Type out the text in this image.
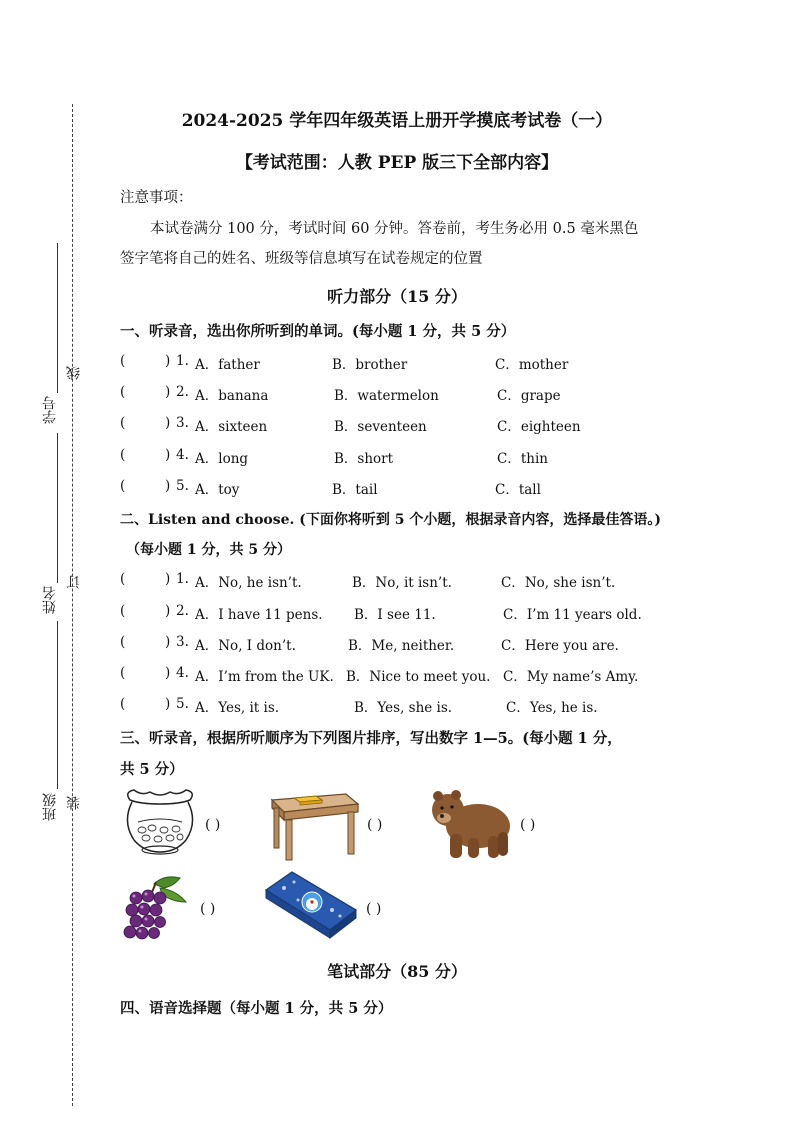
学号
线
姓名
订
班级 装
2024-2025 学年四年级英语上册开学摸底考试卷（一）
【考试范围：人教 PEP 版三下全部内容】
注意事项：
本试卷满分 100 分，考试时间 60 分钟。答卷前，考生务必用 0.5 毫米黑色
签字笔将自己的姓名、班级等信息填写在试卷规定的位置
听力部分（15 分）
一、听录音，选出你所听到的单词。(每小题 1 分，共 5 分）
(	) 1. A．father	B．brother	C．mother
(	) 2. A．banana	B．watermelon	C．grape
(	) 3. A．sixteen	B．seventeen	C．eighteen
(	) 4. A．long	B．short	C．thin
(	) 5. A．toy	B．tail	C．tall
二、Listen and choose. (下面你将听到 5 个小题，根据录音内容，选择最佳答语。)
（每小题 1 分，共 5 分）
(	) 1. A．No, he isn’t.	B．No, it isn’t.	C．No, she isn’t.
(	) 2. A．I have 11 pens. B．I see 11.	C．I’m 11 years old.
(	) 3. A．No, I don’t.	B．Me, neither.	C．Here you are.
(	) 4. A．I’m from the UK. B．Nice to meet you. C．My name’s Amy.
(	) 5. A．Yes, it is.	B．Yes, she is.	C．Yes, he is.
三、听录音，根据所听顺序为下列图片排序，写出数字 1—5。(每小题 1 分，
共 5 分）
( )	( )	( )
( )	( )
笔试部分（85 分）
四、语音选择题（每小题 1 分，共 5 分）
